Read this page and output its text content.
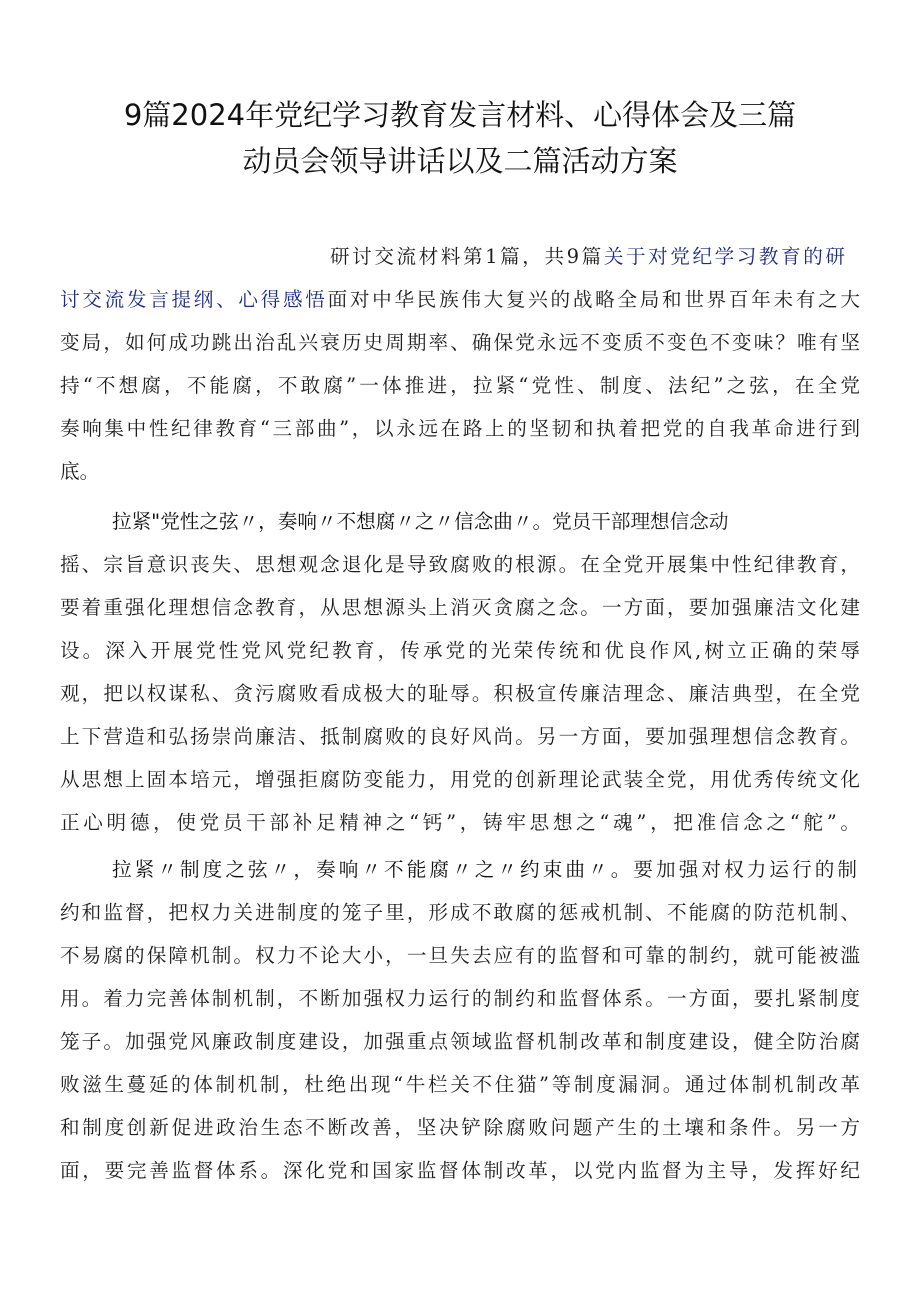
9篇2024年党纪学习教育发言材料、心得体会及三篇
动员会领导讲话以及二篇活动方案
研讨交流材料第1篇，共9篇关于对党纪学习教育的研
讨交流发言提纲、心得感悟面对中华民族伟大复兴的战略全局和世界百年未有之大
变局，如何成功跳出治乱兴衰历史周期率、确保党永远不变质不变色不变味？唯有坚
持“不想腐，不能腐，不敢腐”一体推进，拉紧“党性、制度、法纪”之弦，在全党
奏响集中性纪律教育“三部曲”，以永远在路上的坚韧和执着把党的自我革命进行到
底。
拉紧"党性之弦〃，奏响〃不想腐〃之〃信念曲〃。党员干部理想信念动
摇、宗旨意识丧失、思想观念退化是导致腐败的根源。在全党开展集中性纪律教育，
要着重强化理想信念教育，从思想源头上消灭贪腐之念。一方面，要加强廉洁文化建
设。深入开展党性党风党纪教育，传承党的光荣传统和优良作风,树立正确的荣辱
观，把以权谋私、贪污腐败看成极大的耻辱。积极宣传廉洁理念、廉洁典型，在全党
上下营造和弘扬崇尚廉洁、抵制腐败的良好风尚。另一方面，要加强理想信念教育。
从思想上固本培元，增强拒腐防变能力，用党的创新理论武装全党，用优秀传统文化
正心明德，使党员干部补足精神之“钙”，铸牢思想之“魂”，把准信念之“舵”。
拉紧〃制度之弦〃，奏响〃不能腐〃之〃约束曲〃。要加强对权力运行的制
约和监督，把权力关进制度的笼子里，形成不敢腐的惩戒机制、不能腐的防范机制、
不易腐的保障机制。权力不论大小，一旦失去应有的监督和可靠的制约，就可能被滥
用。着力完善体制机制，不断加强权力运行的制约和监督体系。一方面，要扎紧制度
笼子。加强党风廉政制度建设，加强重点领域监督机制改革和制度建设，健全防治腐
败滋生蔓延的体制机制，杜绝出现“牛栏关不住猫”等制度漏洞。通过体制机制改革
和制度创新促进政治生态不断改善，坚决铲除腐败问题产生的土壤和条件。另一方
面，要完善监督体系。深化党和国家监督体制改革，以党内监督为主导，发挥好纪
